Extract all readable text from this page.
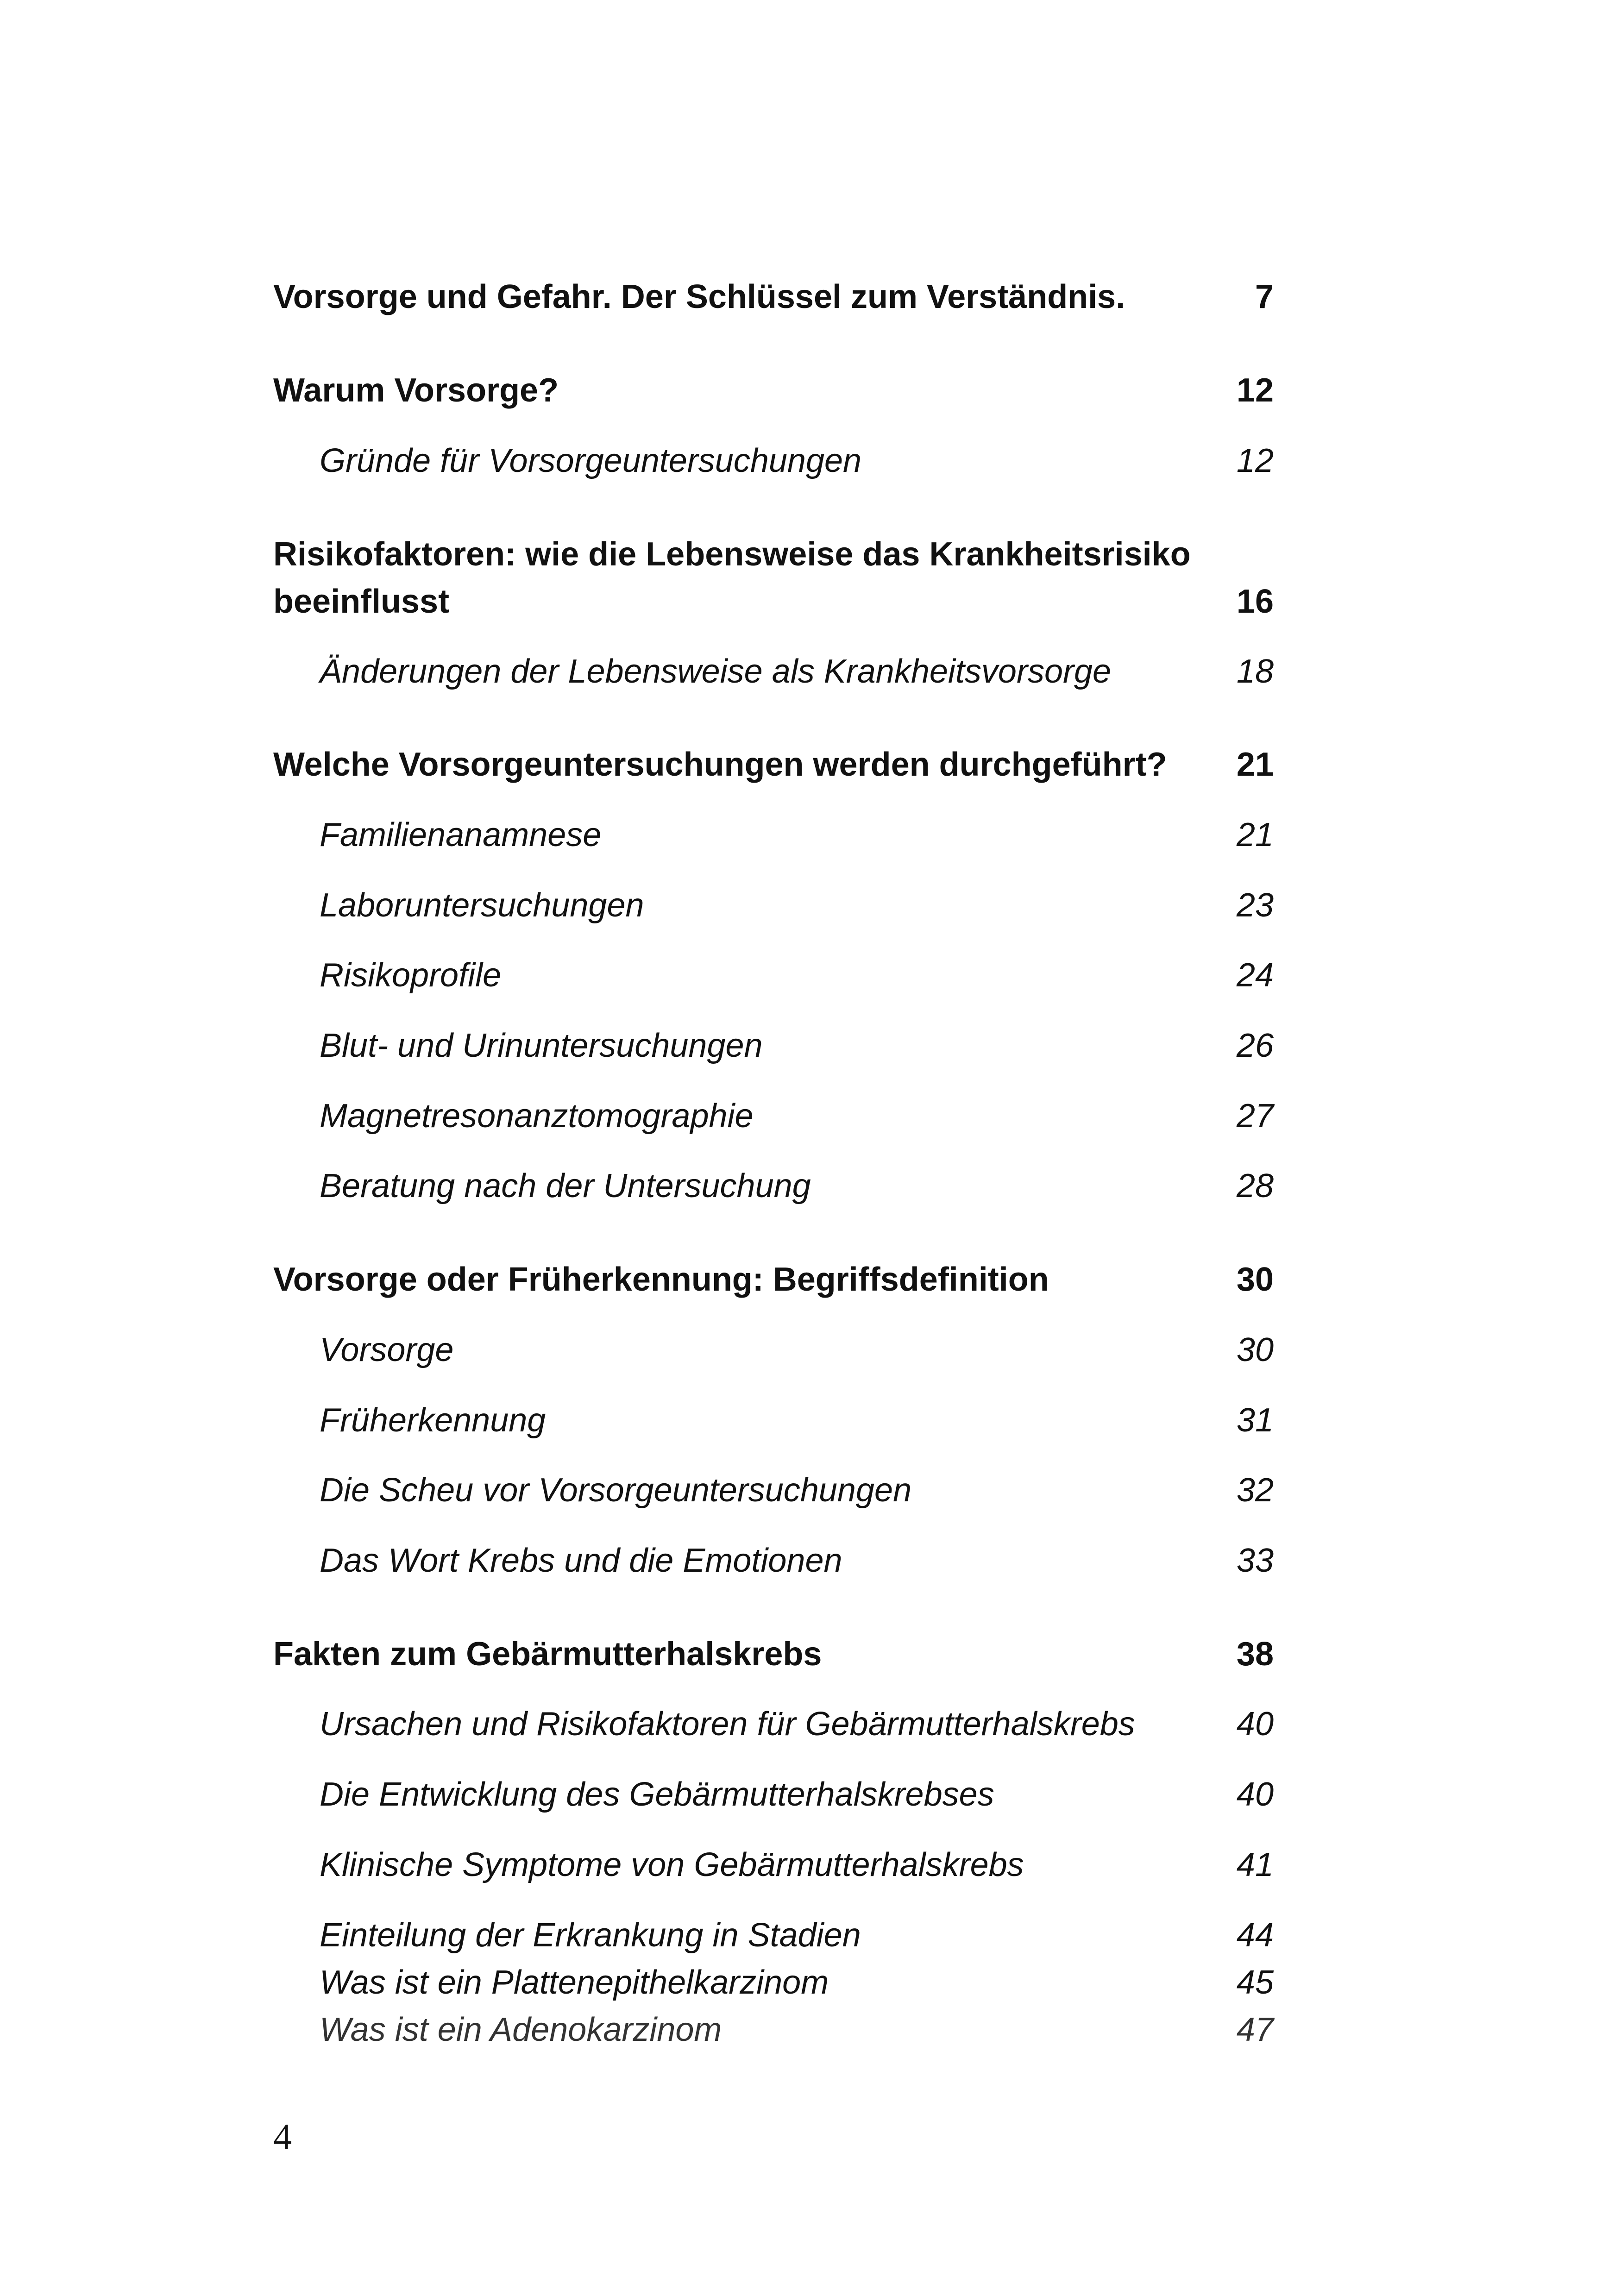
Vorsorge und Gefahr. Der Schlüssel zum Verständnis.	7
Warum Vorsorge?	12
Gründe für Vorsorgeuntersuchungen	12
Risikofaktoren: wie die Lebensweise das Krankheitsrisiko beeinflusst	16
Änderungen der Lebensweise als Krankheitsvorsorge	18
Welche Vorsorgeuntersuchungen werden durchgeführt?	21
Familienanamnese	21
Laboruntersuchungen	23
Risikoprofile	24
Blut- und Urinuntersuchungen	26
Magnetresonanztomographie	27
Beratung nach der Untersuchung	28
Vorsorge oder Früherkennung: Begriffsdefinition	30
Vorsorge	30
Früherkennung	31
Die Scheu vor Vorsorgeuntersuchungen	32
Das Wort Krebs und die Emotionen	33
Fakten zum Gebärmutterhalskrebs	38
Ursachen und Risikofaktoren für Gebärmutterhalskrebs	40
Die Entwicklung des Gebärmutterhalskrebses	40
Klinische Symptome von Gebärmutterhalskrebs	41
Einteilung der Erkrankung in Stadien	44
Was ist ein Plattenepithelkarzinom	45
Was ist ein Adenokarzinom	47
4
